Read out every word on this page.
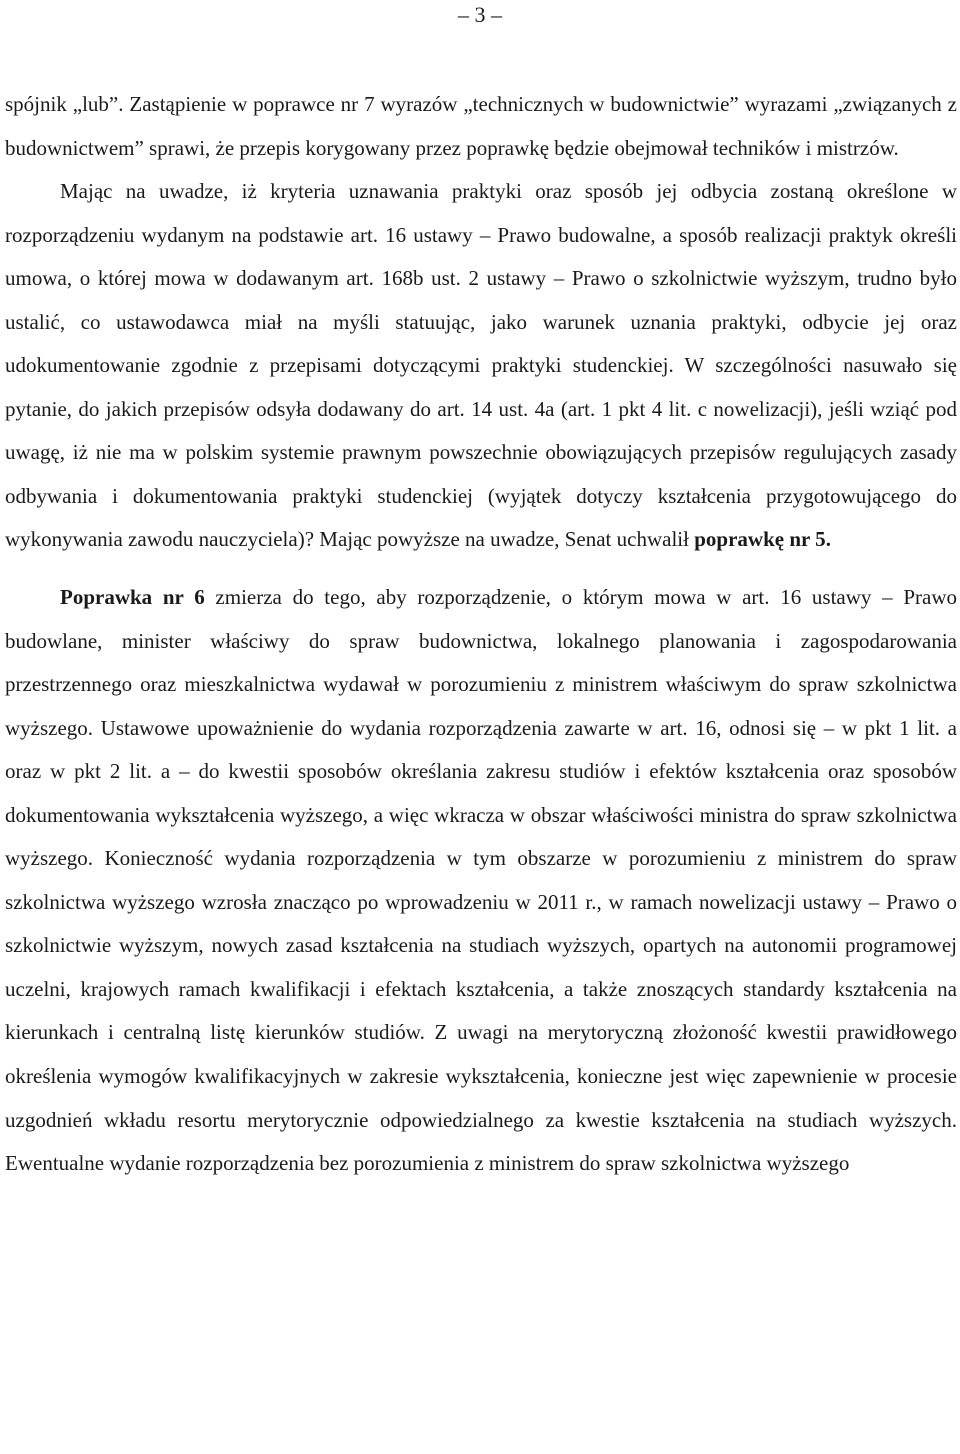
– 3 –

spójnik „lub”. Zastąpienie w poprawce nr 7 wyrazów „technicznych w budownictwie” wyrazami „związanych z budownictwem” sprawi, że przepis korygowany przez poprawkę będzie obejmował techników i mistrzów.

Mając na uwadze, iż kryteria uznawania praktyki oraz sposób jej odbycia zostaną określone w rozporządzeniu wydanym na podstawie art. 16 ustawy – Prawo budowalne, a sposób realizacji praktyk określi umowa, o której mowa w dodawanym art. 168b ust. 2 ustawy – Prawo o szkolnictwie wyższym, trudno było ustalić, co ustawodawca miał na myśli statuując, jako warunek uznania praktyki, odbycie jej oraz udokumentowanie zgodnie z przepisami dotyczącymi praktyki studenckiej. W szczególności nasuwało się pytanie, do jakich przepisów odsyła dodawany do art. 14 ust. 4a (art. 1 pkt 4 lit. c nowelizacji), jeśli wziąć pod uwagę, iż nie ma w polskim systemie prawnym powszechnie obowiązujących przepisów regulujących zasady odbywania i dokumentowania praktyki studenckiej (wyjątek dotyczy kształcenia przygotowującego do wykonywania zawodu nauczyciela)? Mając powyższe na uwadze, Senat uchwalił poprawkę nr 5.

Poprawka nr 6 zmierza do tego, aby rozporządzenie, o którym mowa w art. 16 ustawy – Prawo budowlane, minister właściwy do spraw budownictwa, lokalnego planowania i zagospodarowania przestrzennego oraz mieszkalnictwa wydawał w porozumieniu z ministrem właściwym do spraw szkolnictwa wyższego. Ustawowe upoważnienie do wydania rozporządzenia zawarte w art. 16, odnosi się – w pkt 1 lit. a oraz w pkt 2 lit. a – do kwestii sposobów określania zakresu studiów i efektów kształcenia oraz sposobów dokumentowania wykształcenia wyższego, a więc wkracza w obszar właściwości ministra do spraw szkolnictwa wyższego. Konieczność wydania rozporządzenia w tym obszarze w porozumieniu z ministrem do spraw szkolnictwa wyższego wzrosła znacząco po wprowadzeniu w 2011 r., w ramach nowelizacji ustawy – Prawo o szkolnictwie wyższym, nowych zasad kształcenia na studiach wyższych, opartych na autonomii programowej uczelni, krajowych ramach kwalifikacji i efektach kształcenia, a także znoszących standardy kształcenia na kierunkach i centralną listę kierunków studiów. Z uwagi na merytoryczną złożoność kwestii prawidłowego określenia wymogów kwalifikacyjnych w zakresie wykształcenia, konieczne jest więc zapewnienie w procesie uzgodnień wkładu resortu merytorycznie odpowiedzialnego za kwestie kształcenia na studiach wyższych. Ewentualne wydanie rozporządzenia bez porozumienia z ministrem do spraw szkolnictwa wyższego
